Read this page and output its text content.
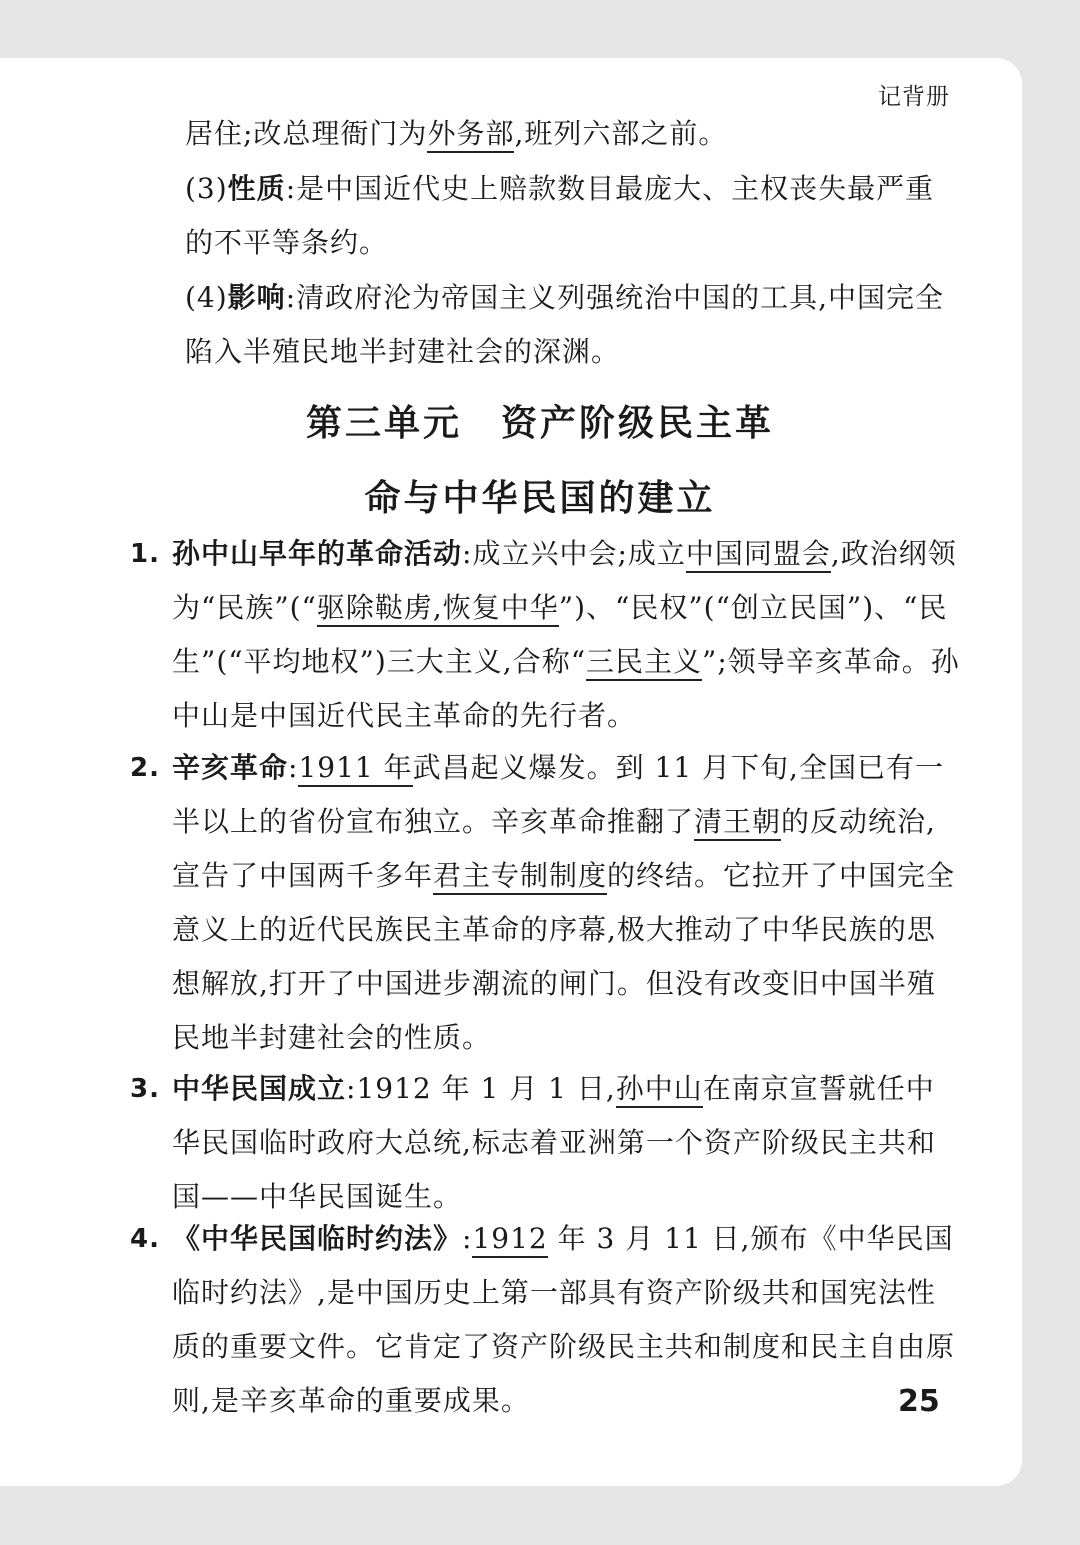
记背册
居住;改总理衙门为外务部,班列六部之前。
(3)性质:是中国近代史上赔款数目最庞大、主权丧失最严重的不平等条约。
(4)影响:清政府沦为帝国主义列强统治中国的工具,中国完全陷入半殖民地半封建社会的深渊。
第三单元　资产阶级民主革
命与中华民国的建立
1. 孙中山早年的革命活动:成立兴中会;成立中国同盟会,政治纲领为“民族”(“驱除鞑虏,恢复中华”)、“民权”(“创立民国”)、“民生”(“平均地权”)三大主义,合称“三民主义”;领导辛亥革命。孙中山是中国近代民主革命的先行者。
2. 辛亥革命:1911 年武昌起义爆发。到 11 月下旬,全国已有一半以上的省份宣布独立。辛亥革命推翻了清王朝的反动统治,宣告了中国两千多年君主专制制度的终结。它拉开了中国完全意义上的近代民族民主革命的序幕,极大推动了中华民族的思想解放,打开了中国进步潮流的闸门。但没有改变旧中国半殖民地半封建社会的性质。
3. 中华民国成立:1912 年 1 月 1 日,孙中山在南京宣誓就任中华民国临时政府大总统,标志着亚洲第一个资产阶级民主共和国——中华民国诞生。
4. 《中华民国临时约法》:1912 年 3 月 11 日,颁布《中华民国临时约法》,是中国历史上第一部具有资产阶级共和国宪法性质的重要文件。它肯定了资产阶级民主共和制度和民主自由原则,是辛亥革命的重要成果。	25
